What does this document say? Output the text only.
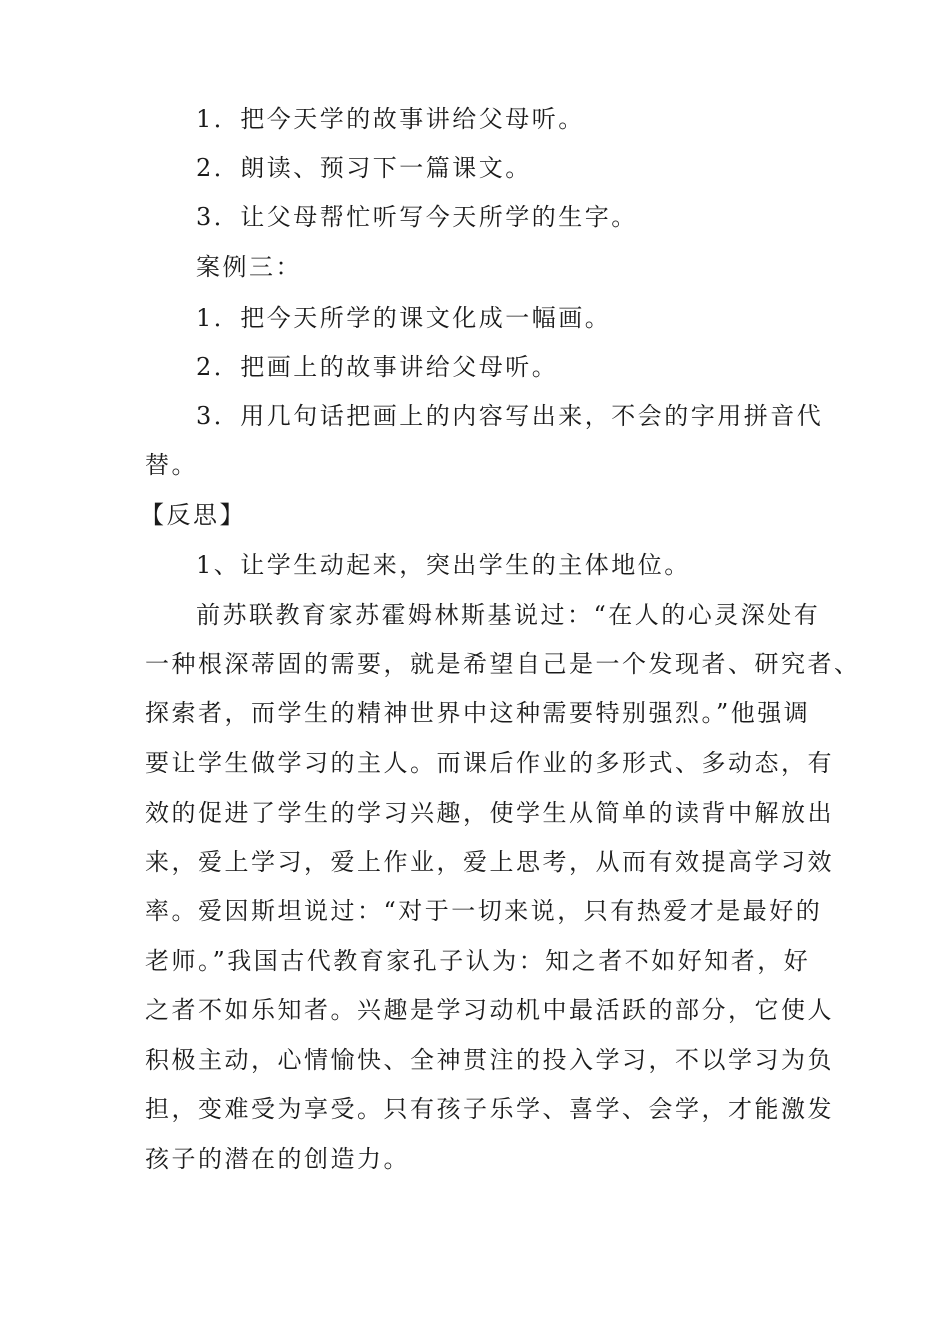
1．把今天学的故事讲给父母听。
2．朗读、预习下一篇课文。
3．让父母帮忙听写今天所学的生字。
案例三：
1．把今天所学的课文化成一幅画。
2．把画上的故事讲给父母听。
3．用几句话把画上的内容写出来，不会的字用拼音代
替。
【反思】
1、让学生动起来，突出学生的主体地位。
前苏联教育家苏霍姆林斯基说过：“在人的心灵深处有
一种根深蒂固的需要，就是希望自己是一个发现者、研究者、
探索者，而学生的精神世界中这种需要特别强烈。”他强调
要让学生做学习的主人。而课后作业的多形式、多动态，有
效的促进了学生的学习兴趣，使学生从简单的读背中解放出
来，爱上学习，爱上作业，爱上思考，从而有效提高学习效
率。爱因斯坦说过：“对于一切来说，只有热爱才是最好的
老师。”我国古代教育家孔子认为：知之者不如好知者，好
之者不如乐知者。兴趣是学习动机中最活跃的部分，它使人
积极主动，心情愉快、全神贯注的投入学习，不以学习为负
担，变难受为享受。只有孩子乐学、喜学、会学，才能激发
孩子的潜在的创造力。
